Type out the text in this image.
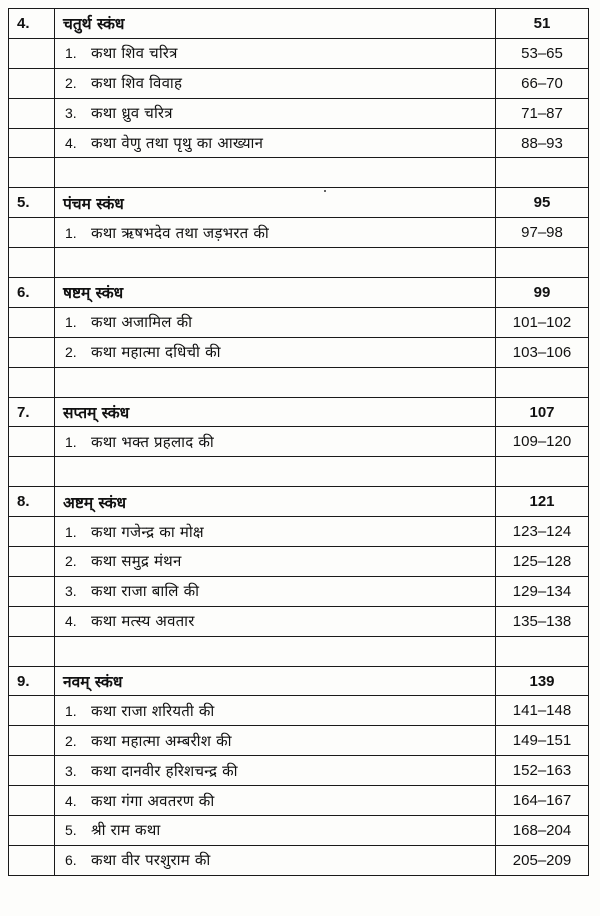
4.	चतुर्थ स्कंध	51
	1. कथा शिव चरित्र	53–65
	2. कथा शिव विवाह	66–70
	3. कथा ध्रुव चरित्र	71–87
	4. कथा वेणु तथा पृथु का आख्यान	88–93

5.	पंचम स्कंध	95
	1. कथा ऋषभदेव तथा जड़भरत की	97–98

6.	षष्टम् स्कंध	99
	1. कथा अजामिल की	101–102
	2. कथा महात्मा दधिची की	103–106

7.	सप्तम् स्कंध	107
	1. कथा भक्त प्रहलाद की	109–120

8.	अष्टम् स्कंध	121
	1. कथा गजेन्द्र का मोक्ष	123–124
	2. कथा समुद्र मंथन	125–128
	3. कथा राजा बालि की	129–134
	4. कथा मत्स्य अवतार	135–138

9.	नवम् स्कंध	139
	1. कथा राजा शरियती की	141–148
	2. कथा महात्मा अम्बरीश की	149–151
	3. कथा दानवीर हरिशचन्द्र की	152–163
	4. कथा गंगा अवतरण की	164–167
	5. श्री राम कथा	168–204
	6. कथा वीर परशुराम की	205–209
